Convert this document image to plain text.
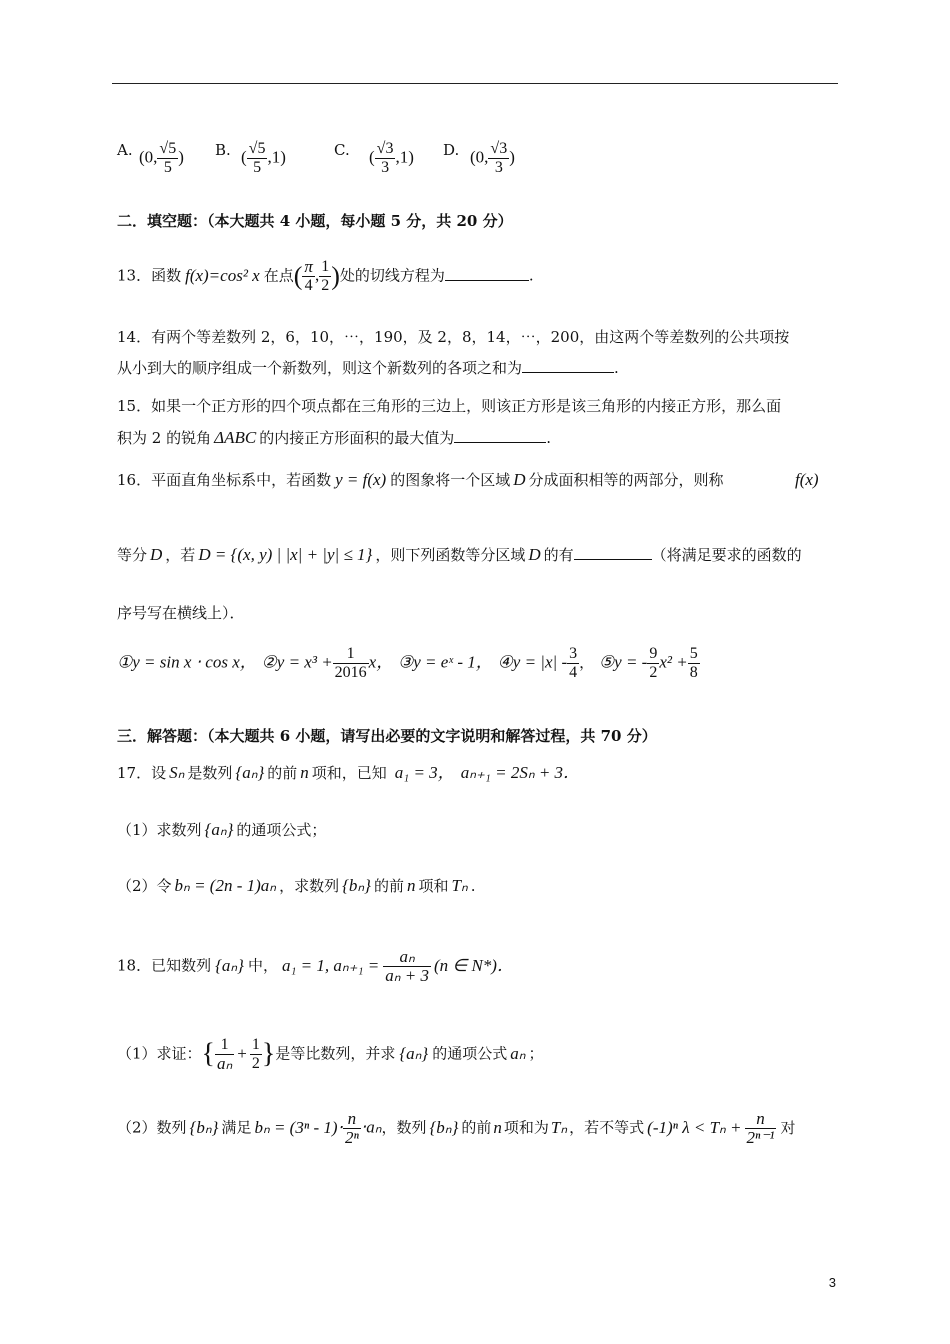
A. (0, $\frac{√5}{5}$ ) B. ( $\frac{√5}{5} ,1$)	C. ( $\frac{√3}{3} ,1$) D. (0, $\frac{√3}{3}$ )
二．填空题：（本大题共 4 小题，每小题 5 分，共 20 分）
13．函数 f(x)=cos² x 在点( $\frac{\pi}{4}$ , $\frac{1}{2}$ )处的切线方程为	.
14．有两个等差数列 2，6，10，⋯，190，及 2，8，14，⋯，200，由这两个等差数列的公共项按
从小到大的顺序组成一个新数列，则这个新数列的各项之和为	.
15．如果一个正方形的四个项点都在三角形的三边上，则该正方形是该三角形的内接正方形，那么面
积为 2 的锐角 ΔABC 的内接正方形面积的最大值为	.
16．平面直角坐标系中，若函数 y = f(x) 的图象将一个区域 D 分成面积相等的两部分，则称	f(x)
等分 D ，若 D = {(x, y) | |x| + |y| ≤ 1} ，则下列函数等分区域 D 的有	（将满足要求的函数的
序号写在横线上）．
①y = sin x ⋅ cos x， ②y = $x^3 + \frac{1}{2016}$ x， ③y = eˣ - 1， ④y = $|x| - \frac{3}{4}$ ， ⑤y = - $\frac{9}{2} x^2 + \frac{5}{8}$
三．解答题：（本大题共 6 小题，请写出必要的文字说明和解答过程，共 70 分）
17．设 Sₙ 是数列 {aₙ} 的前 n 项和，已知 a₁ = 3， aₙ₊₁ = 2Sₙ + 3．
（1）求数列 {aₙ} 的通项公式；
（2）令 bₙ = (2n - 1)aₙ ，求数列 {bₙ} 的前 n 项和 Tₙ .
18．已知数列 {aₙ} 中， a₁ = 1, $a_{n+1} = \frac{\text{aₙ}}{\text{aₙ + 3}} (n$ ∈ N*)．
（1）求证：{ $\frac{1}{\text{aₙ}} + \frac{1}{2}$ }是等比数列，并求 {aₙ} 的通项公式 aₙ ；
（2）数列 {bₙ} 满足 $b_n = (3^n - 1)\cdot \frac{n}{\text{2ⁿ}} \cdot a_n$，数列 {bₙ} 的前 n 项和为 Tₙ ，若不等式 (-1)ⁿ $\lambda < T_n + \frac{n}{\text{2ⁿ⁻¹}}$ 对
3
